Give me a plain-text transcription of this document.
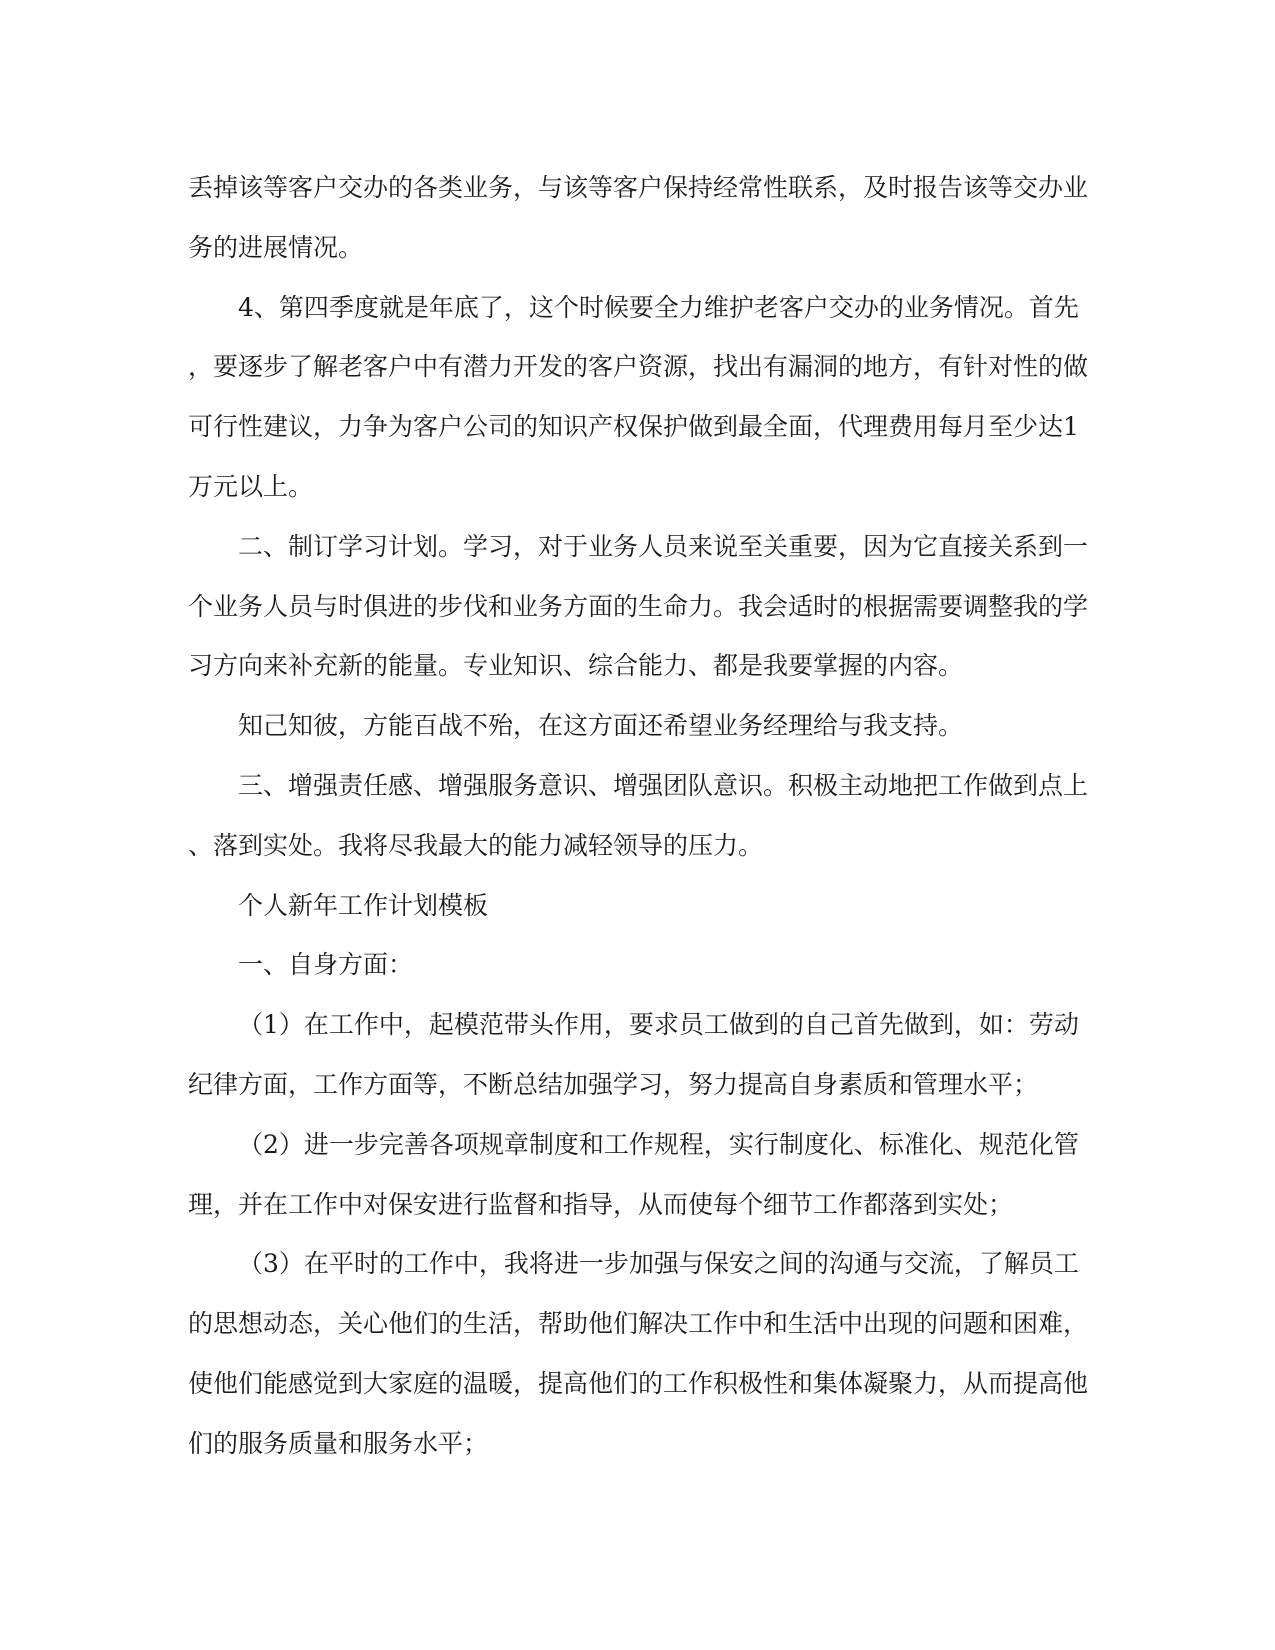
丢掉该等客户交办的各类业务，与该等客户保持经常性联系，及时报告该等交办业
务的进展情况。
4、第四季度就是年底了，这个时候要全力维护老客户交办的业务情况。首先
，要逐步了解老客户中有潜力开发的客户资源，找出有漏洞的地方，有针对性的做
可行性建议，力争为客户公司的知识产权保护做到最全面，代理费用每月至少达1
万元以上。
二、制订学习计划。学习，对于业务人员来说至关重要，因为它直接关系到一
个业务人员与时俱进的步伐和业务方面的生命力。我会适时的根据需要调整我的学
习方向来补充新的能量。专业知识、综合能力、都是我要掌握的内容。
知己知彼，方能百战不殆，在这方面还希望业务经理给与我支持。
三、增强责任感、增强服务意识、增强团队意识。积极主动地把工作做到点上
、落到实处。我将尽我最大的能力减轻领导的压力。
个人新年工作计划模板
一、自身方面：
（1）在工作中，起模范带头作用，要求员工做到的自己首先做到，如：劳动
纪律方面，工作方面等，不断总结加强学习，努力提高自身素质和管理水平；
（2）进一步完善各项规章制度和工作规程，实行制度化、标准化、规范化管
理，并在工作中对保安进行监督和指导，从而使每个细节工作都落到实处；
（3）在平时的工作中，我将进一步加强与保安之间的沟通与交流，了解员工
的思想动态，关心他们的生活，帮助他们解决工作中和生活中出现的问题和困难，
使他们能感觉到大家庭的温暖，提高他们的工作积极性和集体凝聚力，从而提高他
们的服务质量和服务水平；
